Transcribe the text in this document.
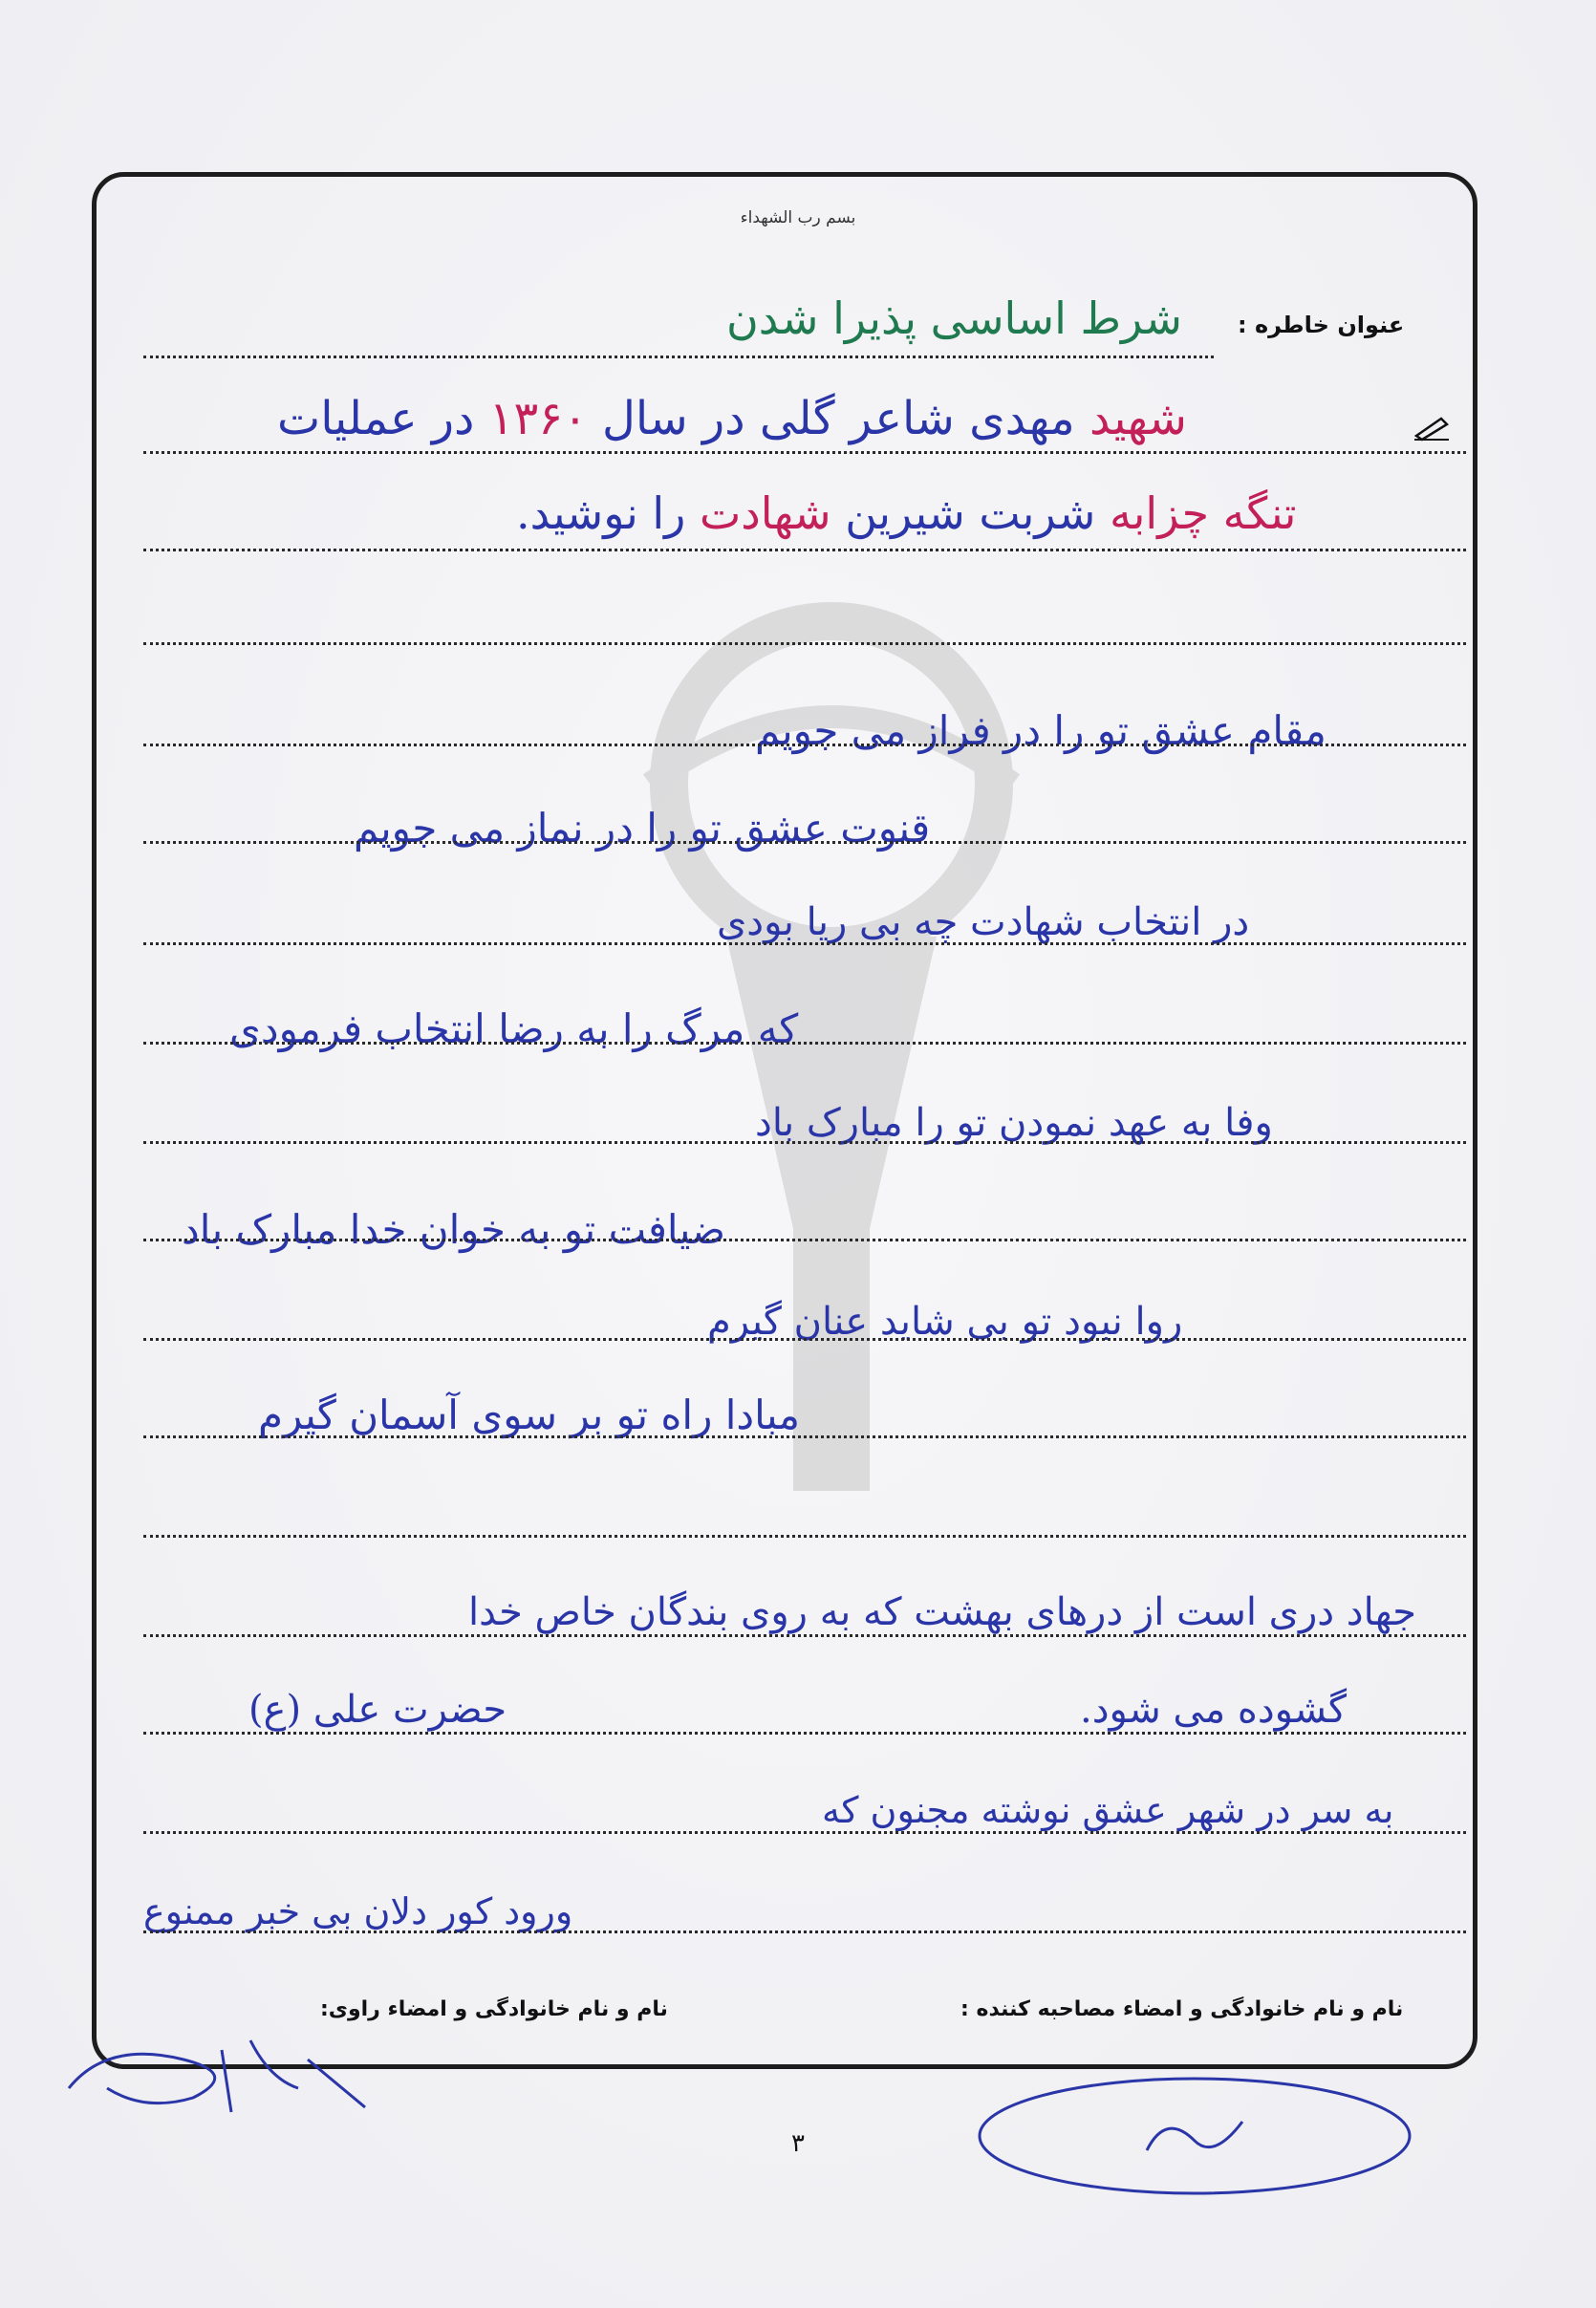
بسم رب الشهداء
عنوان خاطره :
شرط اساسی پذیرا شدن
شهید مهدی شاعر گلی در سال ۱۳۶۰ در عملیات
تنگه چزابه شربت شیرین شهادت را نوشید.
مقام عشق تو را در فراز می جویم
قنوت عشق تو را در نماز می جویم
در انتخاب شهادت چه بی ریا بودی
که مرگ را به رضا انتخاب فرمودی
وفا به عهد نمودن تو را مبارک باد
ضیافت تو به خوان خدا مبارک باد
روا نبود تو بی شاید عنان گیرم
مبادا راه تو بر سوی آسمان گیرم
جهاد دری است از درهای بهشت که به روی بندگان خاص خدا
حضرت علی (ع)	گشوده می شود.
به سر در شهر عشق نوشته مجنون که
ورود کور دلان بی خبر ممنوع
نام و نام خانوادگی و امضاء مصاحبه کننده :
نام و نام خانوادگی و امضاء راوی:
۳
